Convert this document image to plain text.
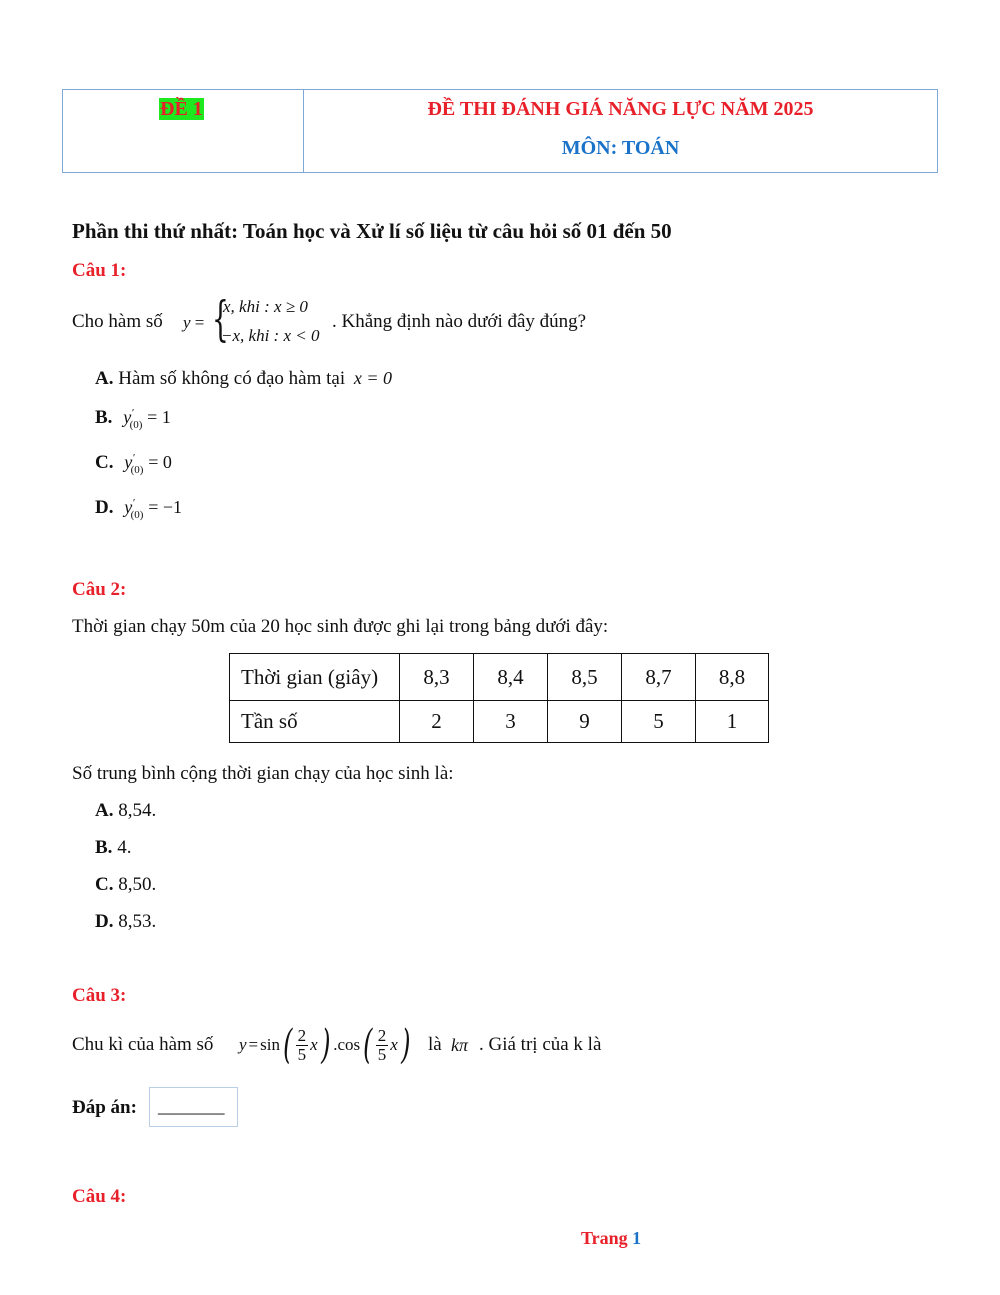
ĐỀ 1	ĐỀ THI ĐÁNH GIÁ NĂNG LỰC NĂM 2025
MÔN: TOÁN
Phần thi thứ nhất: Toán học và Xử lí số liệu từ câu hỏi số 01 đến 50
Câu 1:
Cho hàm số y = {
x, khi : x ≥ 0
−x, khi : x < 0
. Khẳng định nào dưới đây đúng?
A. Hàm số không có đạo hàm tại x = 0
B. $y'_{(0)} = 1$
C. $y'_{(0)} = 0$
D. $y'_{(0)} = -1$
Câu 2:
Thời gian chạy 50m của 20 học sinh được ghi lại trong bảng dưới đây:
Thời gian (giây)	8,3	8,4	8,5	8,7	8,8
Tần số	2	3	9	5	1
Số trung bình cộng thời gian chạy của học sinh là:
A. 8,54.
B. 4.
C. 8,50.
D. 8,53.
Câu 3:
Chu kì của hàm số y = sin ( $\frac{2}{5}$ x ) .cos ( $\frac{2}{5}$ x ) là kπ . Giá trị của k là
Đáp án: _______
Câu 4:
Trang 1
